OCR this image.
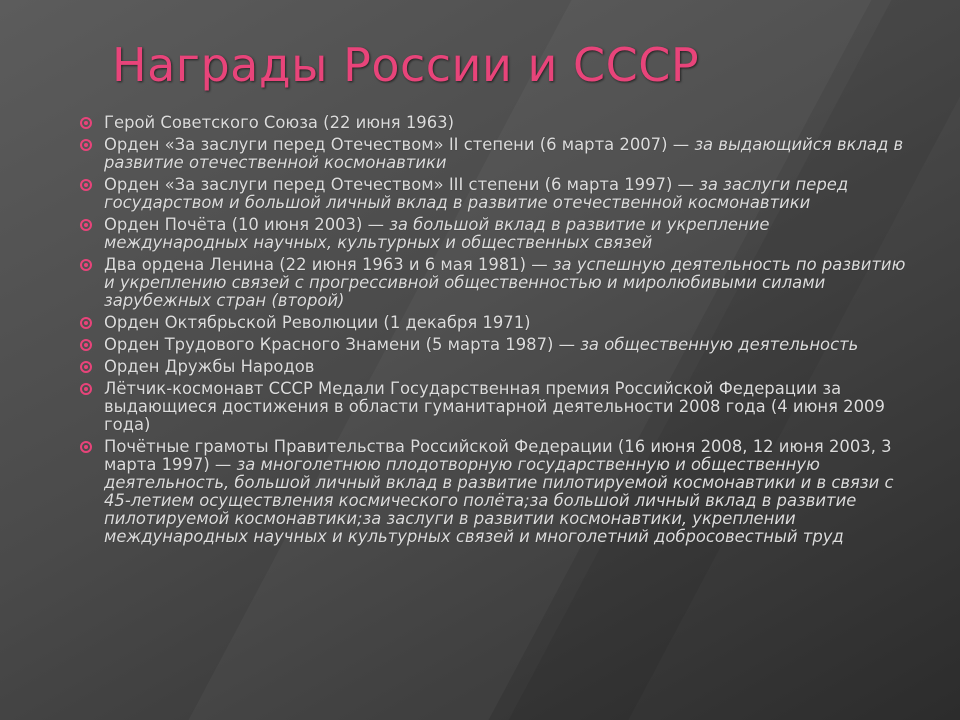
Награды России и СССР
Герой Советского Союза (22 июня 1963)
Орден «За заслуги перед Отечеством» II степени (6 марта 2007) — за выдающийся вклад в развитие отечественной космонавтики
Орден «За заслуги перед Отечеством» III степени (6 марта 1997) — за заслуги перед государством и большой личный вклад в развитие отечественной космонавтики
Орден Почёта (10 июня 2003) — за большой вклад в развитие и укрепление международных научных, культурных и общественных связей
Два ордена Ленина (22 июня 1963 и 6 мая 1981) — за успешную деятельность по развитию и укреплению связей с прогрессивной общественностью и миролюбивыми силами зарубежных стран (второй)
Орден Октябрьской Революции (1 декабря 1971)
Орден Трудового Красного Знамени (5 марта 1987) — за общественную деятельность
Орден Дружбы Народов
Лётчик-космонавт СССР Медали Государственная премия Российской Федерации за выдающиеся достижения в области гуманитарной деятельности 2008 года (4 июня 2009 года)
Почётные грамоты Правительства Российской Федерации (16 июня 2008, 12 июня 2003, 3 марта 1997) — за многолетнюю плодотворную государственную и общественную деятельность, большой личный вклад в развитие пилотируемой космонавтики и в связи с 45-летием осуществления космического полёта;за большой личный вклад в развитие пилотируемой космонавтики;за заслуги в развитии космонавтики, укреплении международных научных и культурных связей и многолетний добросовестный труд
